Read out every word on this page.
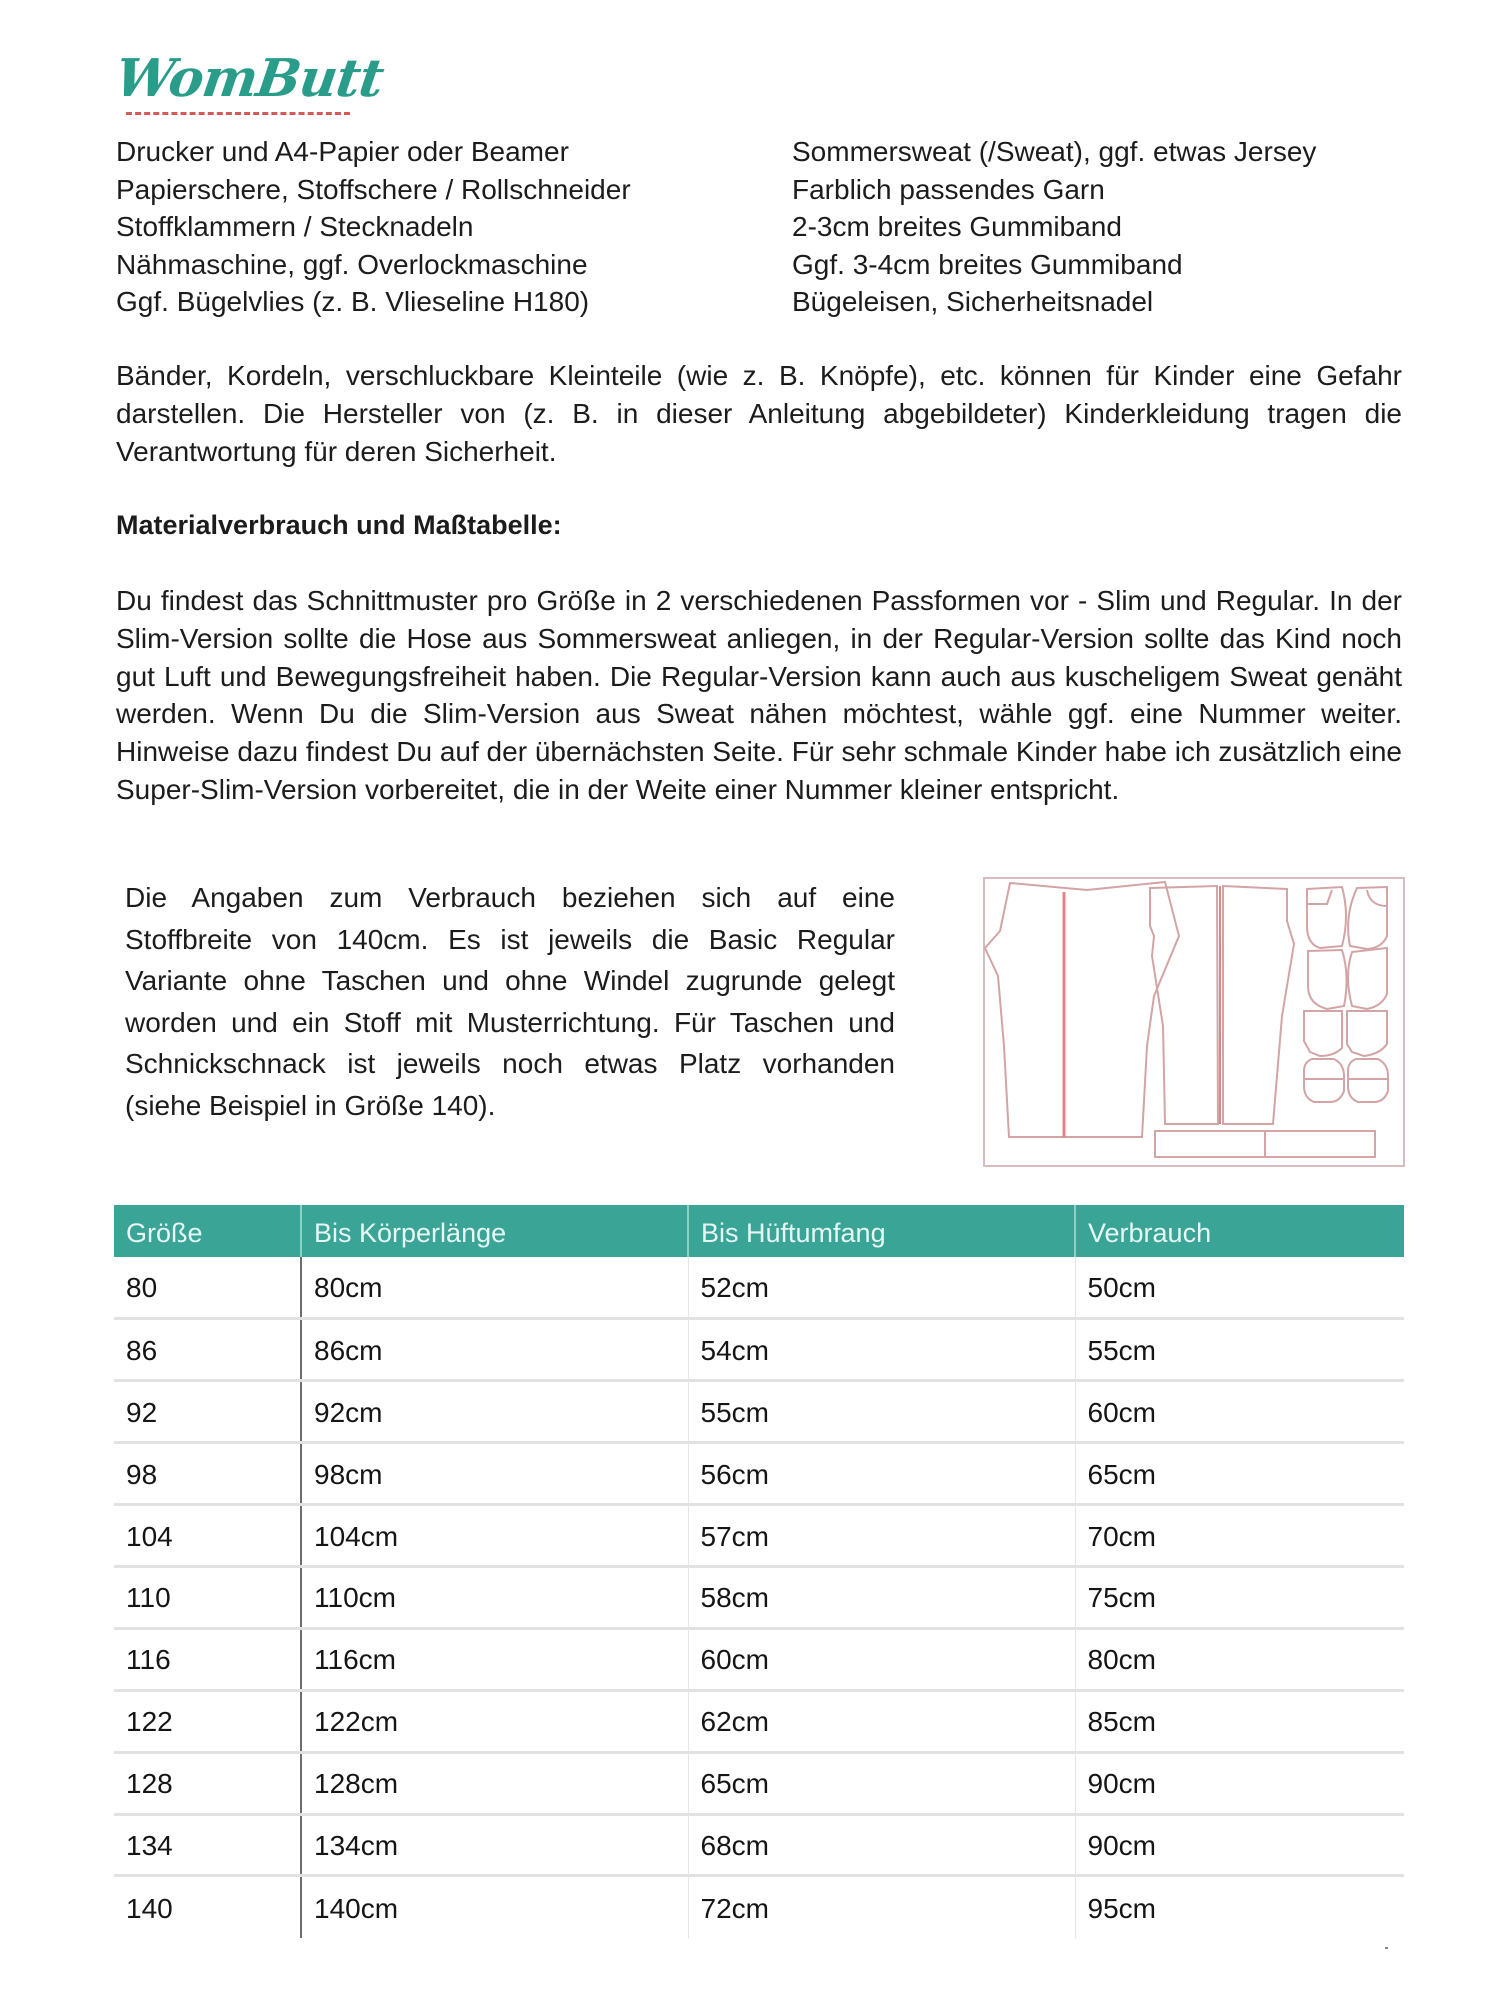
WomButt
Drucker und A4-Papier oder Beamer
Papierschere, Stoffschere / Rollschneider
Stoffklammern / Stecknadeln
Nähmaschine, ggf. Overlockmaschine
Ggf. Bügelvlies (z. B. Vlieseline H180)
Sommersweat (/Sweat), ggf. etwas Jersey
Farblich passendes Garn
2-3cm breites Gummiband
Ggf. 3-4cm breites Gummiband
Bügeleisen, Sicherheitsnadel

Bänder, Kordeln, verschluckbare Kleinteile (wie z. B. Knöpfe), etc. können für Kinder eine Gefahr darstellen. Die Hersteller von (z. B. in dieser Anleitung abgebildeter) Kinderkleidung tragen die Verantwortung für deren Sicherheit.

Materialverbrauch und Maßtabelle:

Du findest das Schnittmuster pro Größe in 2 verschiedenen Passformen vor - Slim und Regular. In der Slim-Version sollte die Hose aus Sommersweat anliegen, in der Regular-Version sollte das Kind noch gut Luft und Bewegungsfreiheit haben. Die Regular-Version kann auch aus kuscheligem Sweat genäht werden. Wenn Du die Slim-Version aus Sweat nähen möchtest, wähle ggf. eine Nummer weiter. Hinweise dazu findest Du auf der übernächsten Seite. Für sehr schmale Kinder habe ich zusätzlich eine Super-Slim-Version vorbereitet, die in der Weite einer Nummer kleiner entspricht.

Die Angaben zum Verbrauch beziehen sich auf eine Stoffbreite von 140cm. Es ist jeweils die Basic Regular Variante ohne Taschen und ohne Windel zugrunde gelegt worden und ein Stoff mit Musterrichtung. Für Taschen und Schnickschnack ist jeweils noch etwas Platz vorhanden (siehe Beispiel in Größe 140).

Größe	Bis Körperlänge	Bis Hüftumfang	Verbrauch
80	80cm	52cm	50cm
86	86cm	54cm	55cm
92	92cm	55cm	60cm
98	98cm	56cm	65cm
104	104cm	57cm	70cm
110	110cm	58cm	75cm
116	116cm	60cm	80cm
122	122cm	62cm	85cm
128	128cm	65cm	90cm
134	134cm	68cm	90cm
140	140cm	72cm	95cm
